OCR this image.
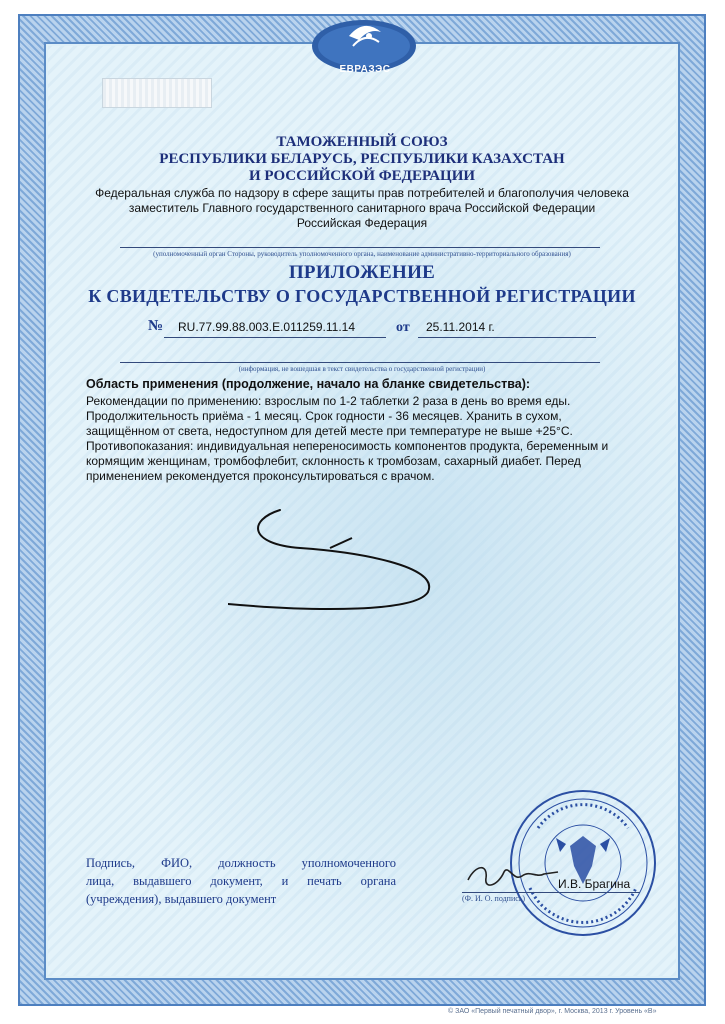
ЕВРАЗЭС
ТАМОЖЕННЫЙ СОЮЗ
РЕСПУБЛИКИ БЕЛАРУСЬ, РЕСПУБЛИКИ КАЗАХСТАН
И РОССИЙСКОЙ ФЕДЕРАЦИИ
Федеральная служба по надзору в сфере защиты прав потребителей и благополучия человека
заместитель Главного государственного санитарного врача Российской Федерации
Российская Федерация
(уполномоченный орган Стороны, руководитель уполномоченного органа, наименование административно-территориального образования)
ПРИЛОЖЕНИЕ
К СВИДЕТЕЛЬСТВУ О ГОСУДАРСТВЕННОЙ РЕГИСТРАЦИИ
№ RU.77.99.88.003.E.011259.11.14	от 25.11.2014 г.
(информация, не вошедшая в текст свидетельства о государственной регистрации)
Область применения (продолжение, начало на бланке свидетельства):
Рекомендации по применению: взрослым по 1-2 таблетки 2 раза в день во время еды.
Продолжительность приёма - 1 месяц. Срок годности - 36 месяцев. Хранить в сухом,
защищённом от света, недоступном для детей месте при температуре не выше +25°С.
Противопоказания: индивидуальная непереносимость компонентов продукта, беременным и
кормящим женщинам, тромбофлебит, склонность к тромбозам, сахарный диабет. Перед
применением рекомендуется проконсультироваться с врачом.
Подпись, ФИО, должность уполномоченного
лица, выдавшего документ, и печать органа
(учреждения), выдавшего документ
И.В. Брагина
(Ф. И. О. подпись)
© ЗАО «Первый печатный двор», г. Москва, 2013 г. Уровень «В»
